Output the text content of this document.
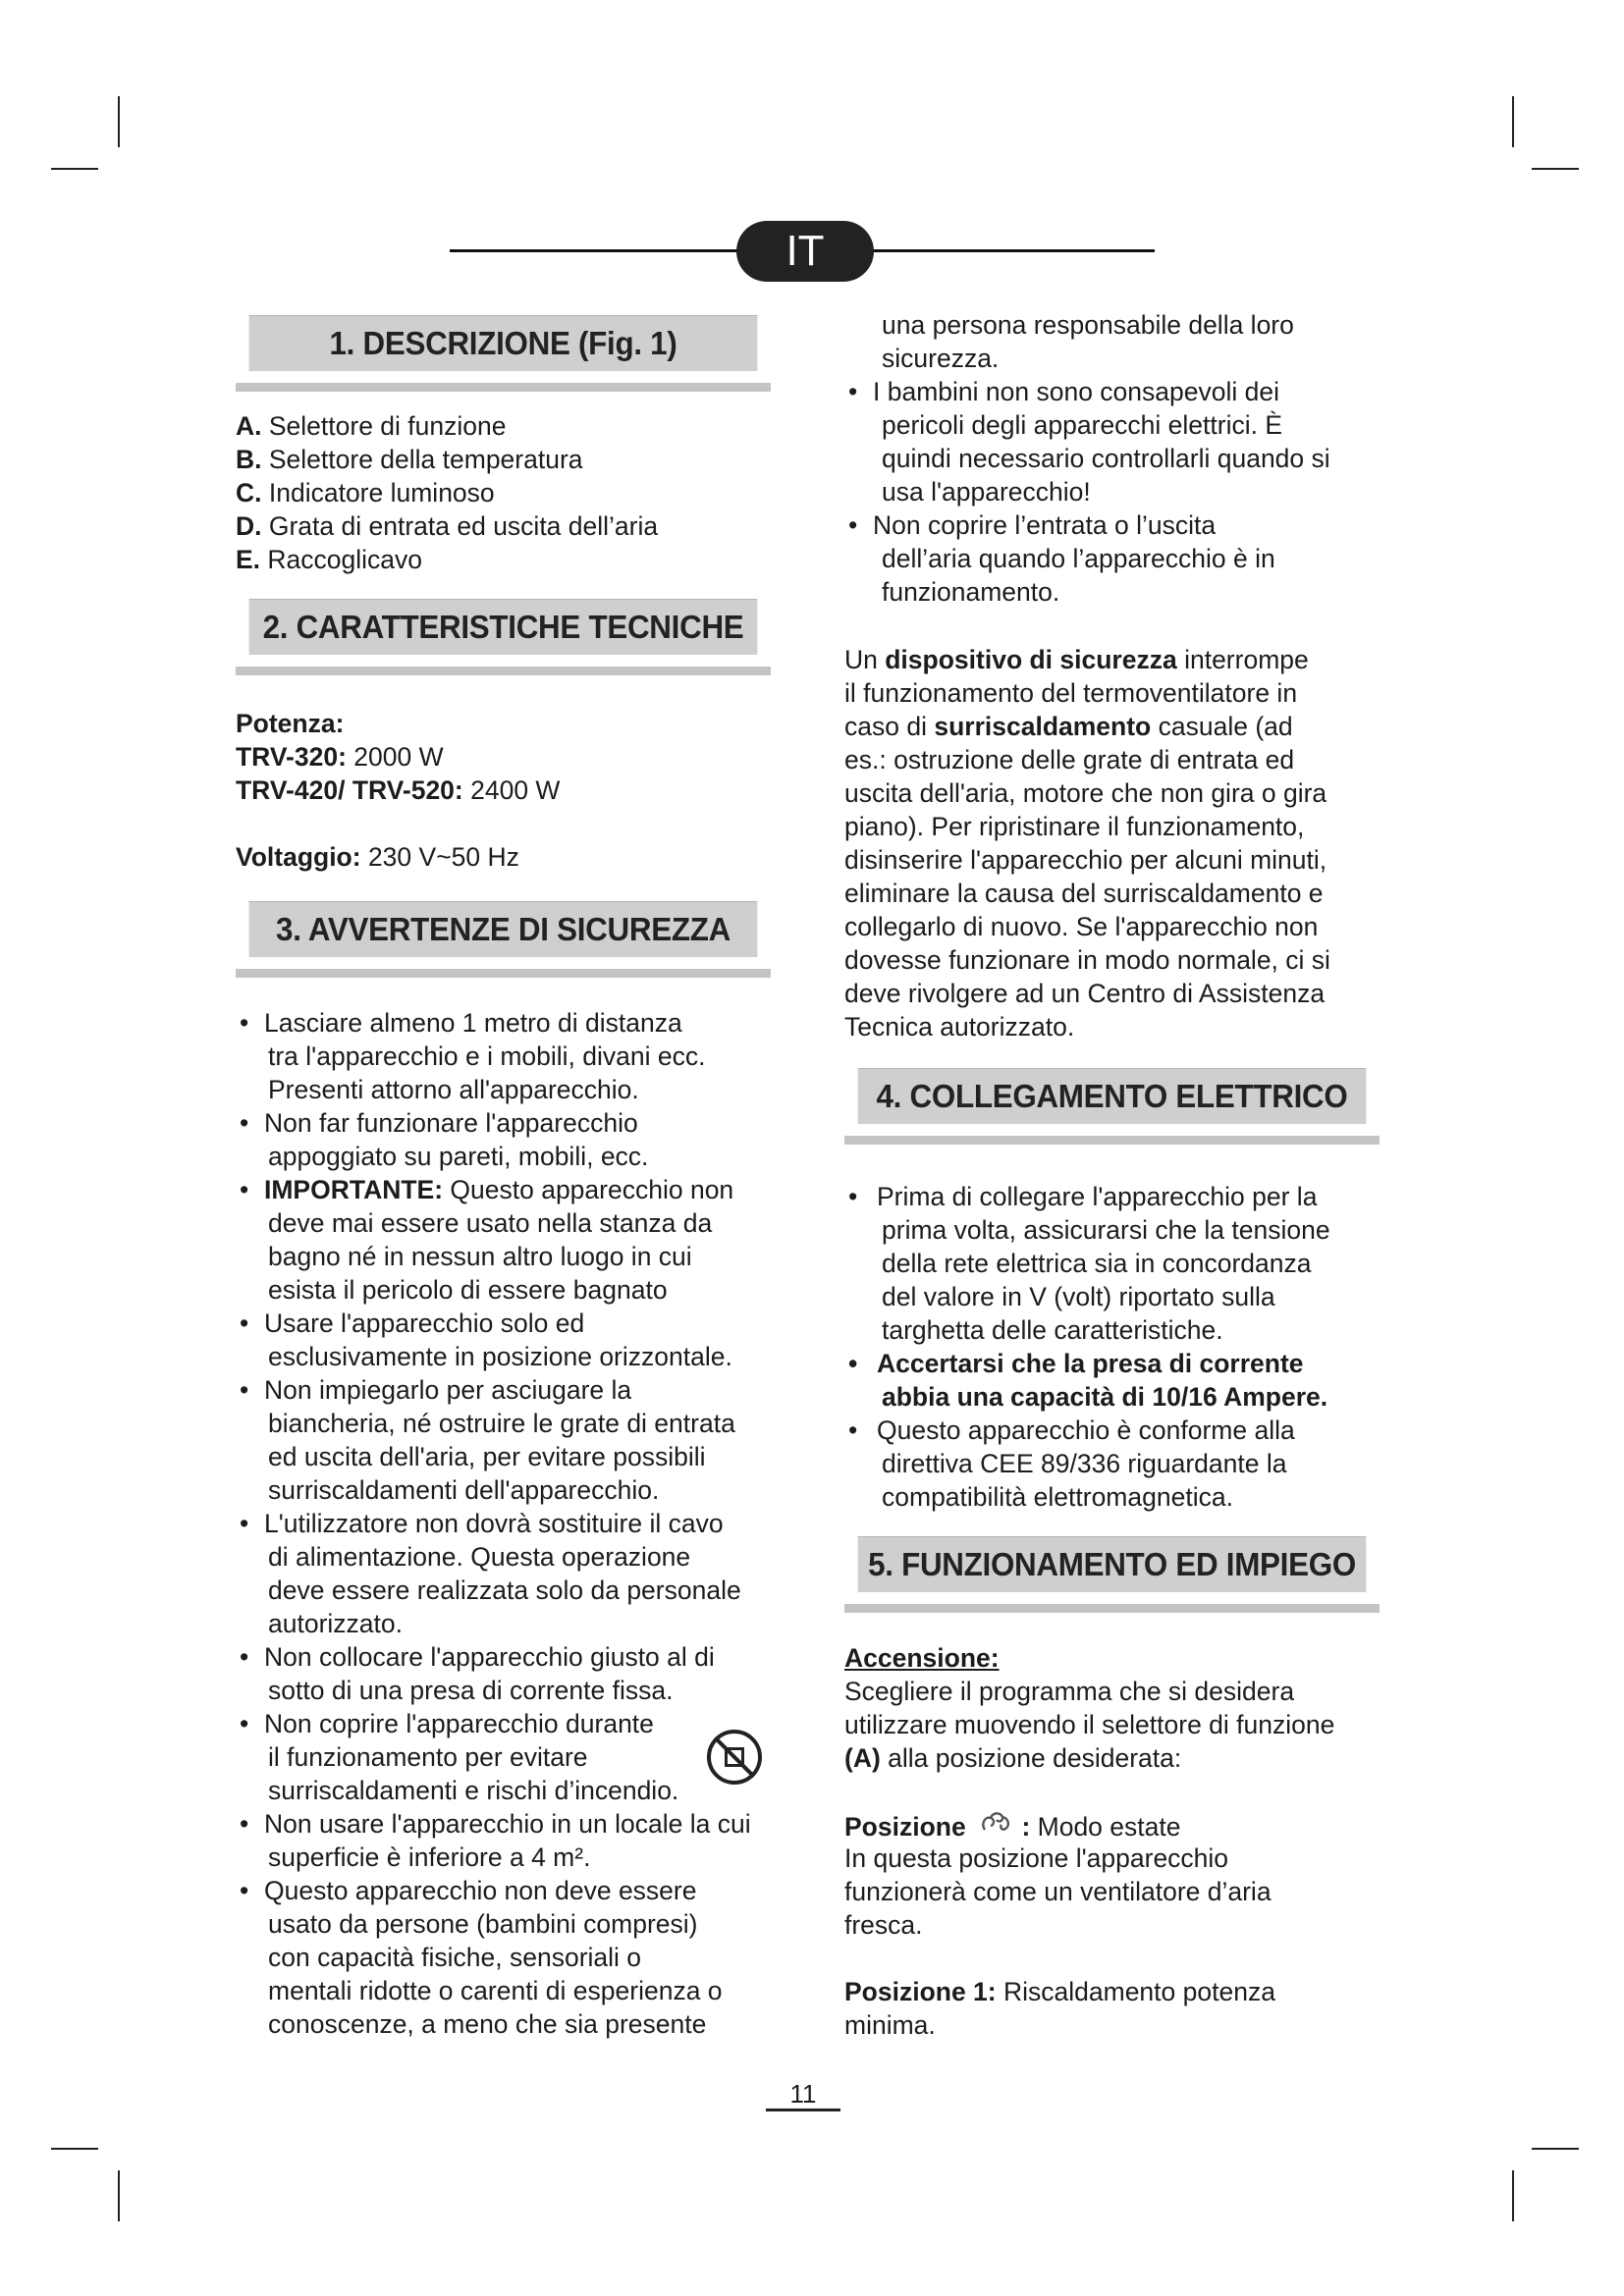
IT
1. DESCRIZIONE (Fig. 1)
A. Selettore di funzione
B. Selettore della temperatura
C. Indicatore luminoso
D. Grata di entrata ed uscita dell’aria
E. Raccoglicavo
2. CARATTERISTICHE TECNICHE
Potenza:
TRV-320: 2000 W
TRV-420/ TRV-520: 2400 W
Voltaggio: 230 V~50 Hz
3. AVVERTENZE DI SICUREZZA
• Lasciare almeno 1 metro di distanza
tra l'apparecchio e i mobili, divani ecc.
Presenti attorno all'apparecchio.
• Non far funzionare l'apparecchio
appoggiato su pareti, mobili, ecc.
• IMPORTANTE: Questo apparecchio non
deve mai essere usato nella stanza da
bagno né in nessun altro luogo in cui
esista il pericolo di essere bagnato
• Usare l'apparecchio solo ed
esclusivamente in posizione orizzontale.
• Non impiegarlo per asciugare la
biancheria, né ostruire le grate di entrata
ed uscita dell'aria, per evitare possibili
surriscaldamenti dell'apparecchio.
• L'utilizzatore non dovrà sostituire il cavo
di alimentazione. Questa operazione
deve essere realizzata solo da personale
autorizzato.
• Non collocare l'apparecchio giusto al di
sotto di una presa di corrente fissa.
• Non coprire l'apparecchio durante
il funzionamento per evitare
surriscaldamenti e rischi d’incendio.
• Non usare l'apparecchio in un locale la cui
superficie è inferiore a 4 m².
• Questo apparecchio non deve essere
usato da persone (bambini compresi)
con capacità fisiche, sensoriali o
mentali ridotte o carenti di esperienza o
conoscenze, a meno che sia presente
una persona responsabile della loro
sicurezza.
• I bambini non sono consapevoli dei
pericoli degli apparecchi elettrici. È
quindi necessario controllarli quando si
usa l'apparecchio!
• Non coprire l’entrata o l’uscita
dell’aria quando l’apparecchio è in
funzionamento.
Un dispositivo di sicurezza interrompe
il funzionamento del termoventilatore in
caso di surriscaldamento casuale (ad
es.: ostruzione delle grate di entrata ed
uscita dell'aria, motore che non gira o gira
piano). Per ripristinare il funzionamento,
disinserire l'apparecchio per alcuni minuti,
eliminare la causa del surriscaldamento e
collegarlo di nuovo. Se l'apparecchio non
dovesse funzionare in modo normale, ci si
deve rivolgere ad un Centro di Assistenza
Tecnica autorizzato.
4. COLLEGAMENTO ELETTRICO
• Prima di collegare l'apparecchio per la
prima volta, assicurarsi che la tensione
della rete elettrica sia in concordanza
del valore in V (volt) riportato sulla
targhetta delle caratteristiche.
• Accertarsi che la presa di corrente
abbia una capacità di 10/16 Ampere.
• Questo apparecchio è conforme alla
direttiva CEE 89/336 riguardante la
compatibilità elettromagnetica.
5. FUNZIONAMENTO ED IMPIEGO
Accensione:
Scegliere il programma che si desidera
utilizzare muovendo il selettore di funzione
(A) alla posizione desiderata:
Posizione  : Modo estate
In questa posizione l'apparecchio
funzionerà come un ventilatore d’aria
fresca.
Posizione 1: Riscaldamento potenza
minima.
11
